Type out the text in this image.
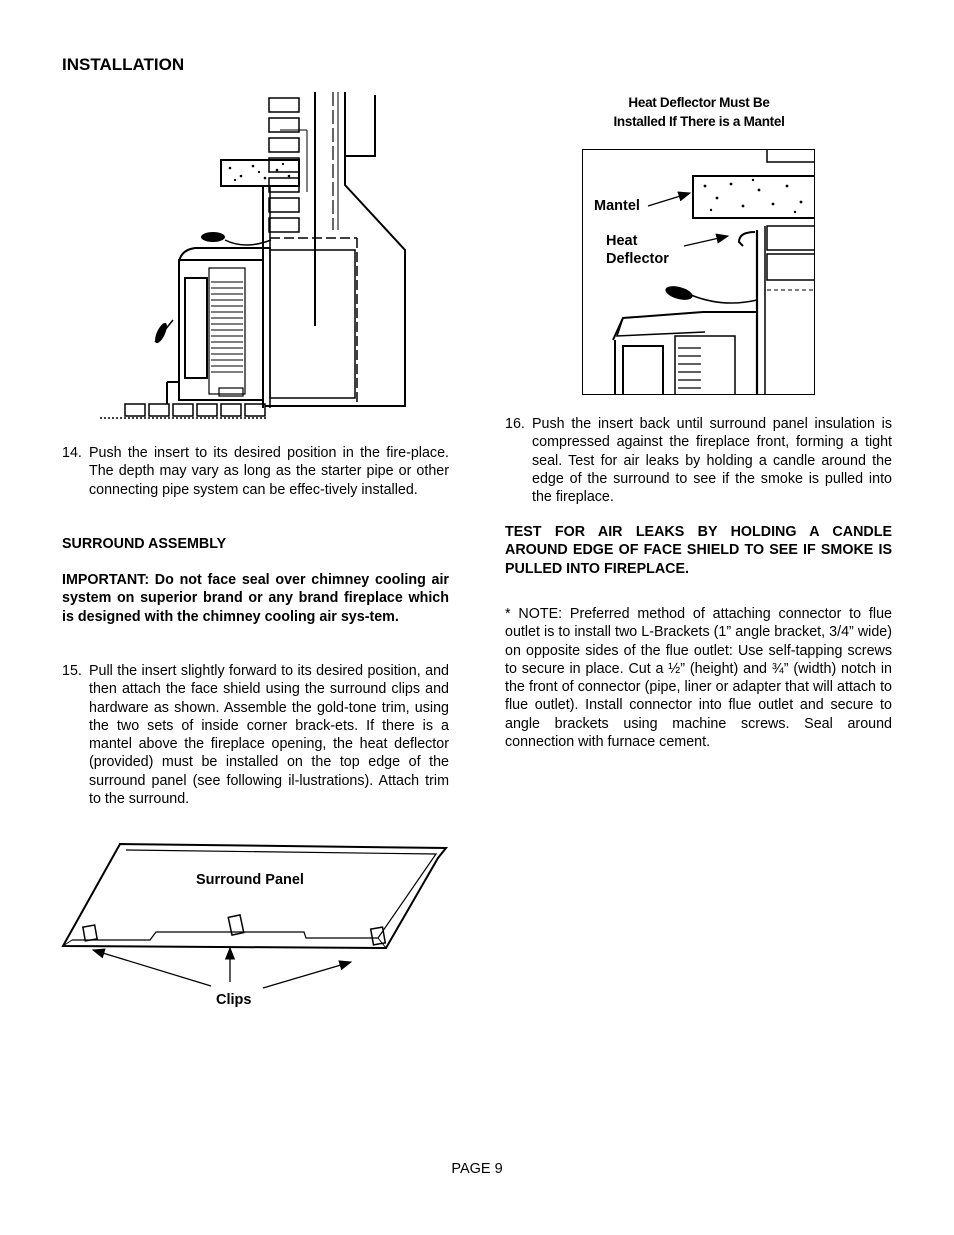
INSTALLATION
14. Push the insert to its desired position in the fire-place. The depth may vary as long as the starter pipe or other connecting pipe system can be effec-tively installed.
SURROUND ASSEMBLY
IMPORTANT: Do not face seal over chimney cooling air system on superior brand or any brand fireplace which is designed with the chimney cooling air sys-tem.
15. Pull the insert slightly forward to its desired position, and then attach the face shield using the surround clips and hardware as shown. Assemble the gold-tone trim, using the two sets of inside corner brack-ets. If there is a mantel above the fireplace opening, the heat deflector (provided) must be installed on the top edge of the surround panel (see following il-lustrations). Attach trim to the surround.
Surround Panel
Clips
Heat Deflector Must Be
Installed If There is a Mantel
Mantel
Heat
Deflector
16. Push the insert back until surround panel insulation is compressed against the fireplace front, forming a tight seal. Test for air leaks by holding a candle around the edge of the surround to see if the smoke is pulled into the fireplace.
TEST FOR AIR LEAKS BY HOLDING A CANDLE AROUND EDGE OF FACE SHIELD TO SEE IF SMOKE IS PULLED INTO FIREPLACE.
* NOTE: Preferred method of attaching connector to flue outlet is to install two L-Brackets (1” angle bracket, 3/4” wide) on opposite sides of the flue outlet: Use self-tapping screws to secure in place. Cut a ½” (height) and ¾” (width) notch in the front of connector (pipe, liner or adapter that will attach to flue outlet). Install connector into flue outlet and secure to angle brackets using machine screws. Seal around connection with furnace cement.
PAGE 9
